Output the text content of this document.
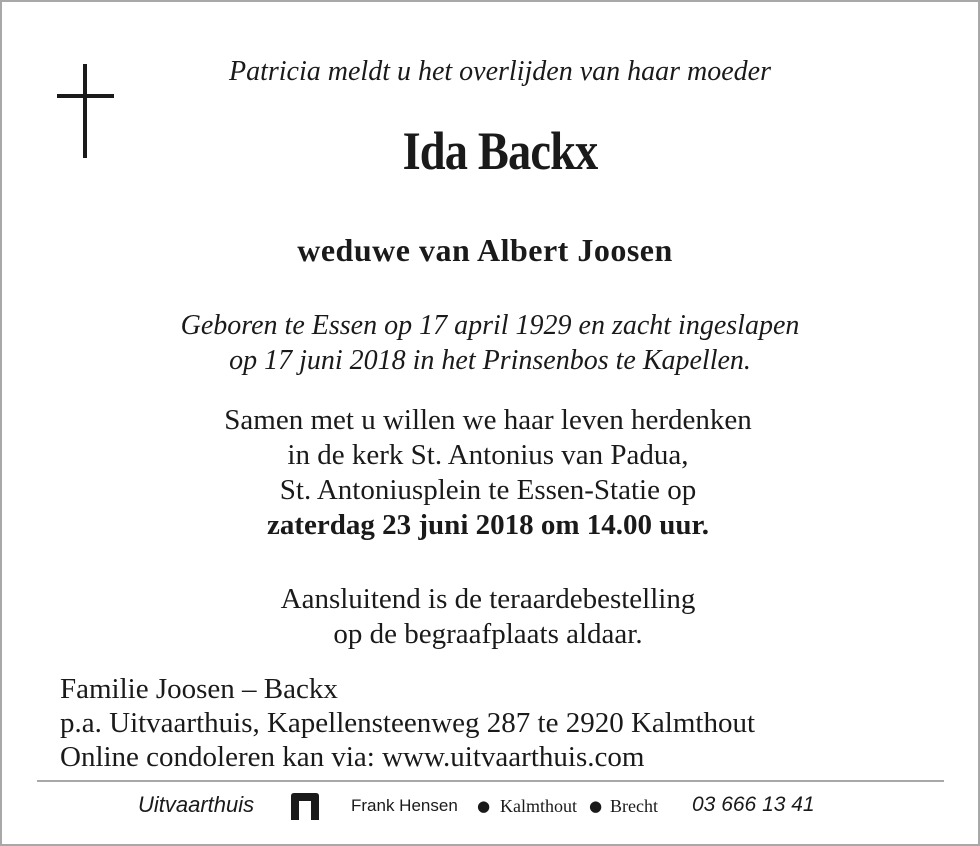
Patricia meldt u het overlijden van haar moeder
Ida Backx
weduwe van Albert Joosen
Geboren te Essen op 17 april 1929 en zacht ingeslapen
op 17 juni 2018 in het Prinsenbos te Kapellen.
Samen met u willen we haar leven herdenken
in de kerk St. Antonius van Padua,
St. Antoniusplein te Essen-Statie op
zaterdag 23 juni 2018 om 14.00 uur.
Aansluitend is de teraardebestelling
op de begraafplaats aldaar.
Familie Joosen – Backx
p.a. Uitvaarthuis, Kapellensteenweg 287 te 2920 Kalmthout
Online condoleren kan via: www.uitvaarthuis.com
Uitvaarthuis	Frank Hensen ● Kalmthout ● Brecht 03 666 13 41
